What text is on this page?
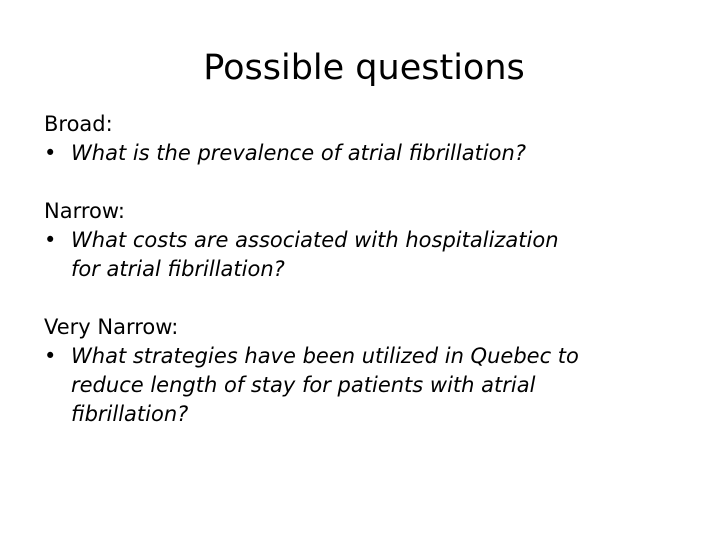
Possible questions
Broad:
• What is the prevalence of atrial fibrillation?
Narrow:
• What costs are associated with hospitalization
for atrial fibrillation?
Very Narrow:
• What strategies have been utilized in Quebec to
reduce length of stay for patients with atrial
fibrillation?
